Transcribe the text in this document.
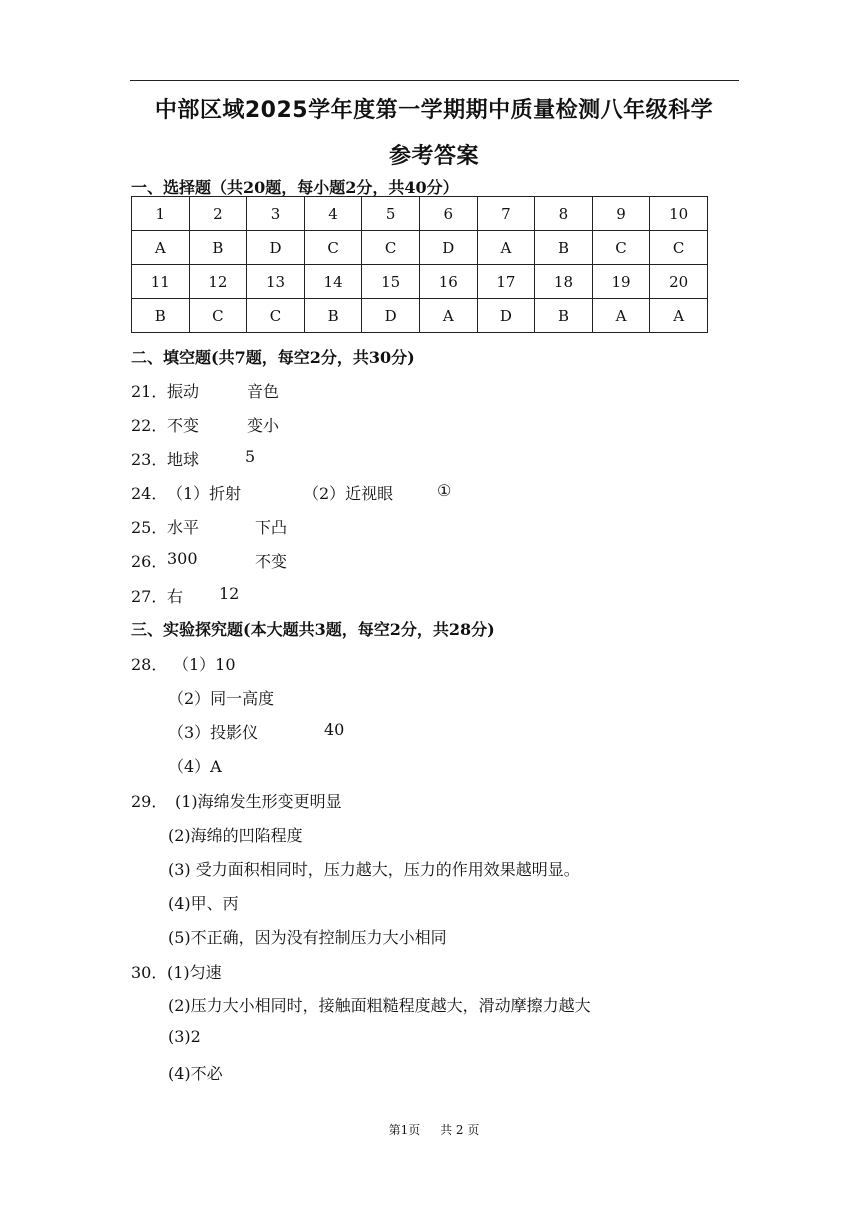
中部区域2025学年度第一学期期中质量检测八年级科学
参考答案
一、选择题（共20题，每小题2分，共40分）
1	2	3	4	5	6	7	8	9	10
A	B	D	C	C	D	A	B	C	C
11	12	13	14	15	16	17	18	19	20
B	C	C	B	D	A	D	B	A	A
二、填空题(共7题，每空2分，共30分)
21． 振动	音色
22． 不变	变小
23． 地球	5
24． （1）折射	（2）近视眼	①
25． 水平	下凸
26． 300	不变
27． 右 12
三、实验探究题(本大题共3题，每空2分，共28分)
28． （1）10
（2）同一高度
（3）投影仪	40
（4）A
29． (1)海绵发生形变更明显
(2)海绵的凹陷程度
(3) 受力面积相同时，压力越大，压力的作用效果越明显。
(4)甲、丙
(5)不正确，因为没有控制压力大小相同
30． (1)匀速
(2)压力大小相同时，接触面粗糙程度越大，滑动摩擦力越大
(3)2
(4)不必
第1页 共 2 页
